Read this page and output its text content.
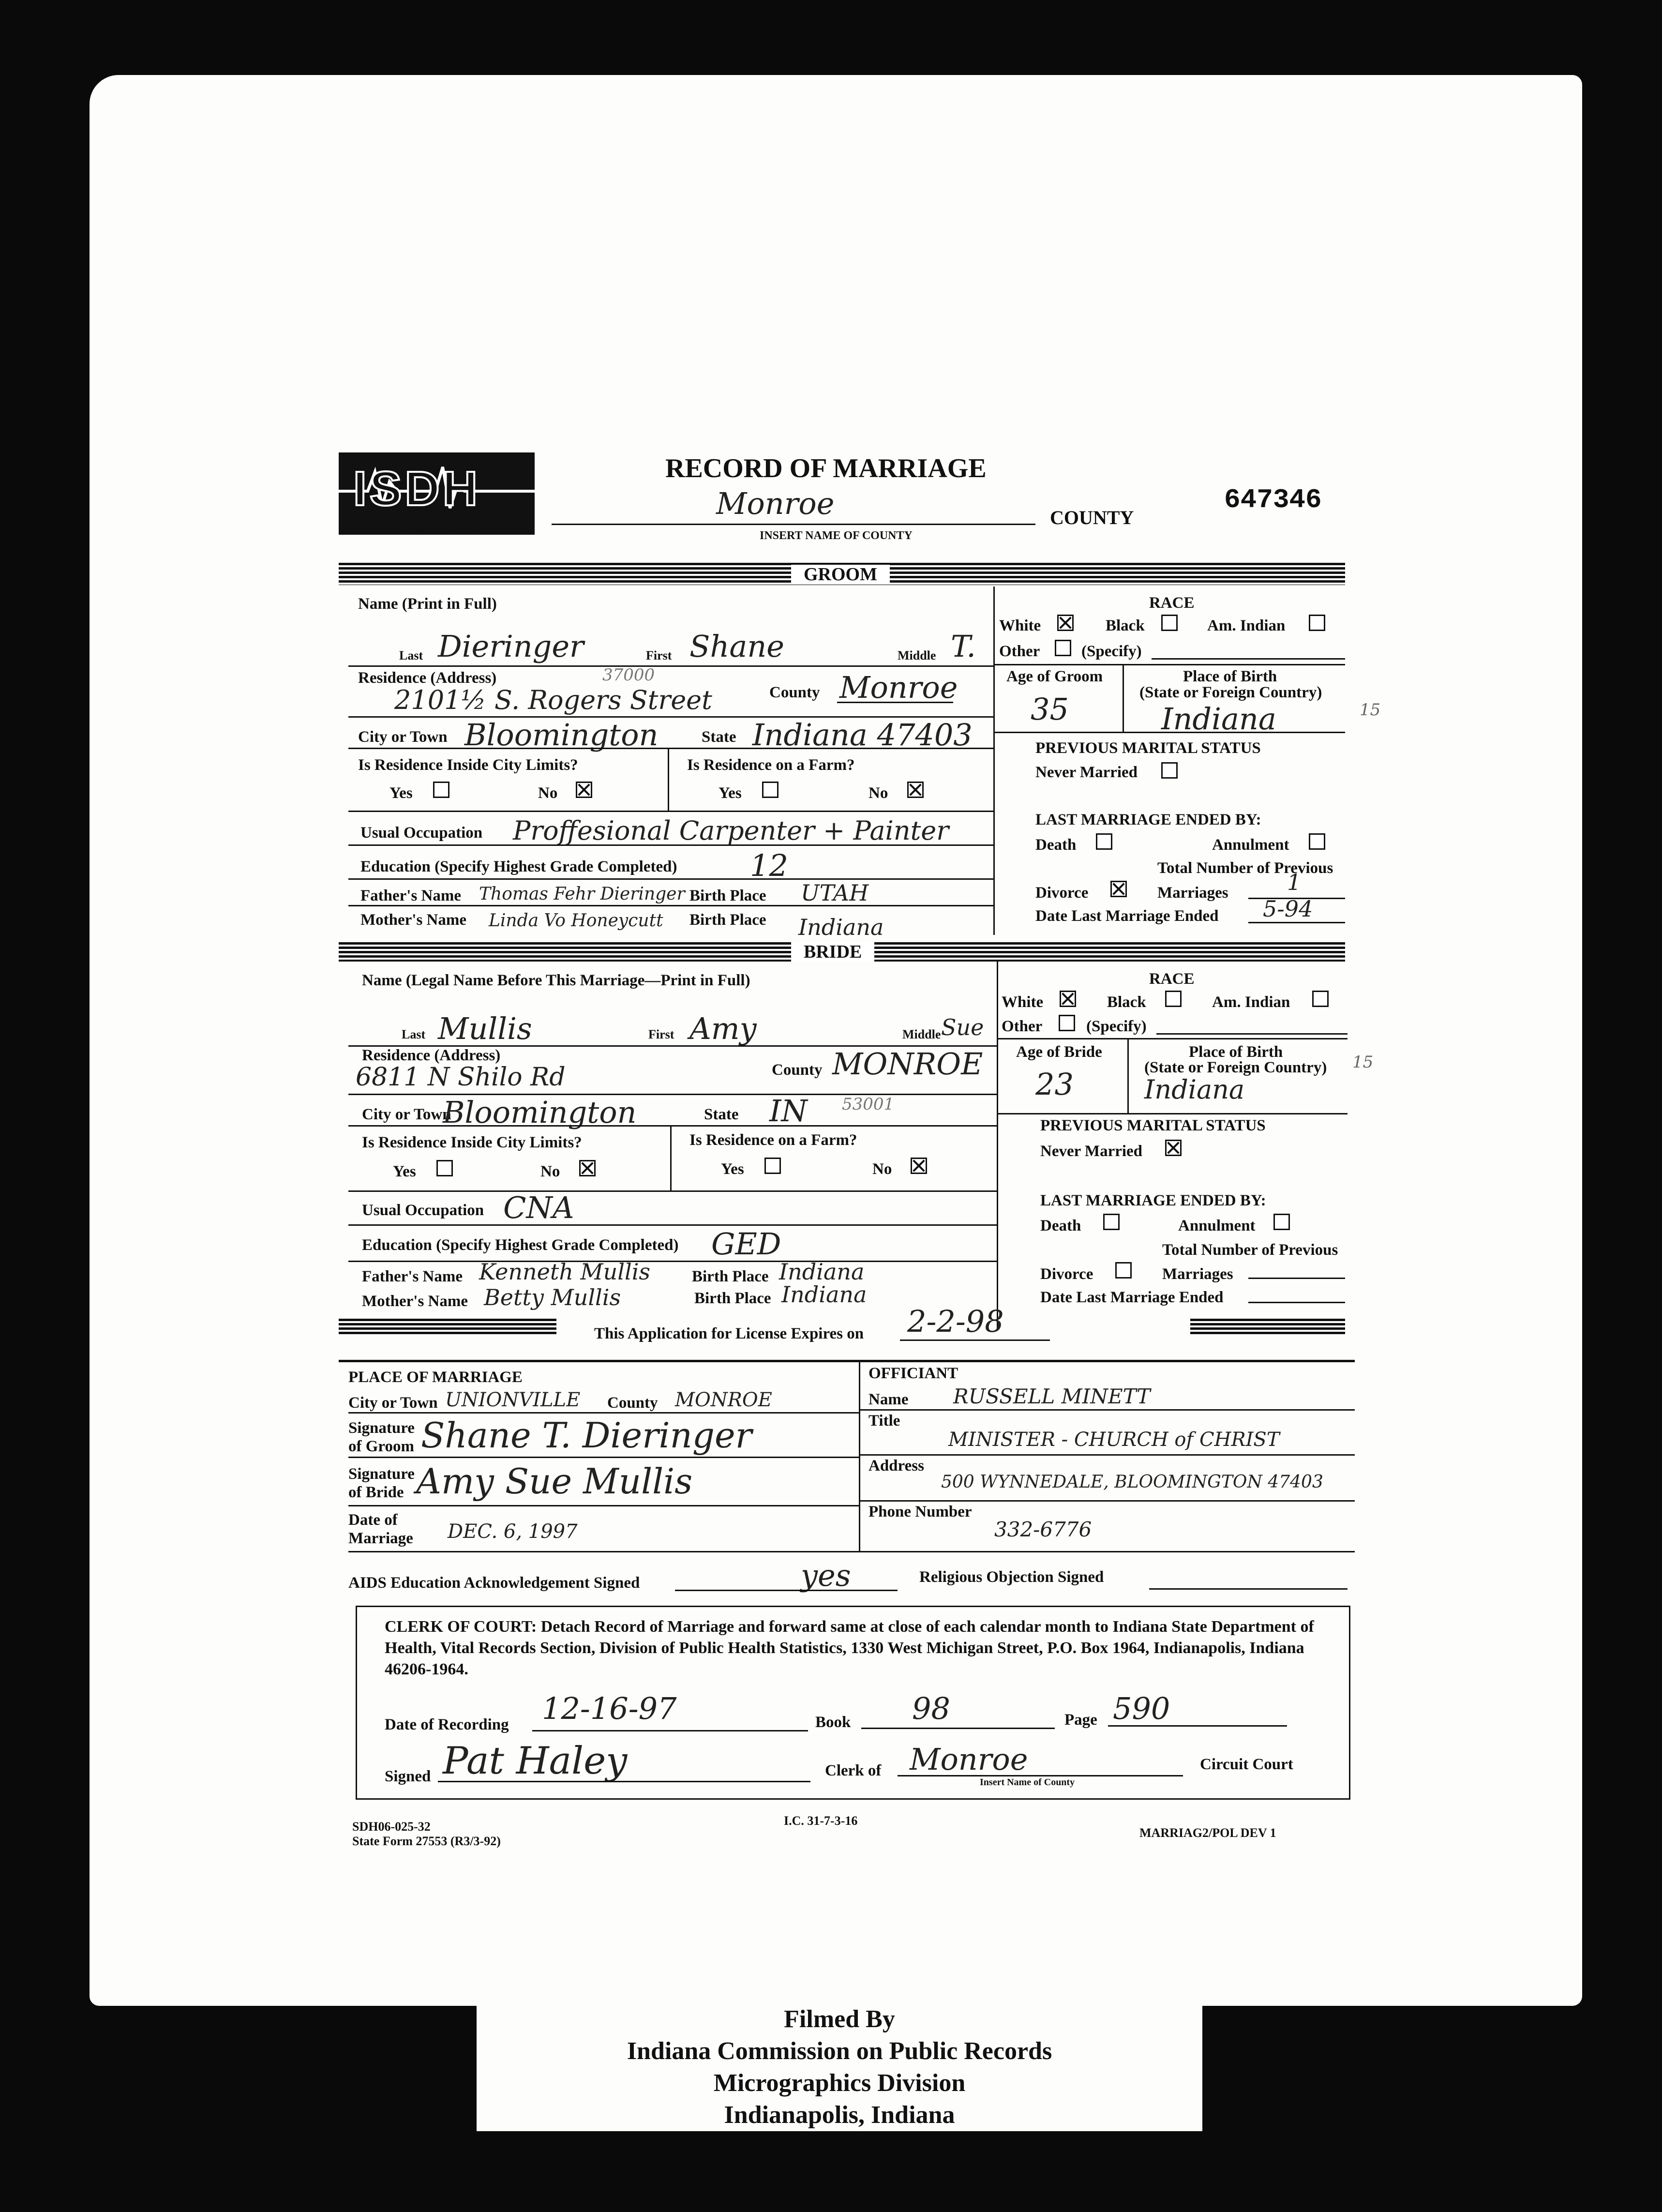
ISDH
INDIANA STATE DEPARTMENT OF HEALTH
RECORD OF MARRIAGE
Monroe
INSERT NAME OF COUNTY
COUNTY
647346
GROOM
Name (Print in Full)
Last Dieringer	First Shane	Middle T.
Residence (Address)	37000
2101½ S. Rogers Street	County Monroe
City or Town Bloomington	State Indiana 47403
Is Residence Inside City Limits?
Yes	No
Is Residence on a Farm?
Yes	No
Usual Occupation Proffesional Carpenter + Painter
Education (Specify Highest Grade Completed) 12
Father's Name Thomas Fehr Dieringer Birth Place UTAH
Mother's Name Linda Vo Honeycutt Birth Place Indiana
RACE
White	Black	Am. Indian
Other	(Specify)
Age of Groom
35
Place of Birth
(State or Foreign Country)
Indiana	15
PREVIOUS MARITAL STATUS
Never Married
LAST MARRIAGE ENDED BY:
Death	Annulment
Total Number of Previous
Divorce	Marriages	1
Date Last Marriage Ended 5-94
BRIDE
Name (Legal Name Before This Marriage—Print in Full)
Last Mullis	First Amy	Middle Sue
Residence (Address)
6811 N Shilo Rd	County MONROE
City or Town
Bloomington	State IN 53001
Is Residence Inside City Limits?
Yes	No
Is Residence on a Farm?
Yes	No
Usual Occupation CNA
Education (Specify Highest Grade Completed) GED
Father's Name Kenneth Mullis	Birth Place Indiana
Mother's Name Betty Mullis	Birth Place Indiana
This Application for License Expires on 2-2-98
RACE
White	Black	Am. Indian
Other	(Specify)
Age of Bride
23
Place of Birth
(State or Foreign Country)
Indiana
15
PREVIOUS MARITAL STATUS
Never Married
LAST MARRIAGE ENDED BY:
Death	Annulment
Total Number of Previous
Divorce	Marriages
Date Last Marriage Ended
PLACE OF MARRIAGE
City or Town UNIONVILLE County MONROE
Signature
of Groom Shane T. Dieringer
Signature
of Bride Amy Sue Mullis
Date of
Marriage DEC. 6, 1997
OFFICIANT
Name RUSSELL MINETT
Title
MINISTER - CHURCH of CHRIST
Address
500 WYNNEDALE, BLOOMINGTON 47403
Phone Number
332-6776
AIDS Education Acknowledgement Signed	yes	Religious Objection Signed
CLERK OF COURT: Detach Record of Marriage and forward same at close of each calendar month to Indiana State Department of Health, Vital Records Section, Division of Public Health Statistics, 1330 West Michigan Street, P.O. Box 1964, Indianapolis, Indiana 46206-1964.
Date of Recording 12-16-97	Book 98	Page 590
Signed Pat Haley	Clerk of Monroe
Insert Name of County
Circuit Court
SDH06-025-32
State Form 27553 (R3/3-92)
I.C. 31-7-3-16
MARRIAG2/POL DEV 1
Filmed By
Indiana Commission on Public Records
Micrographics Division
Indianapolis, Indiana
